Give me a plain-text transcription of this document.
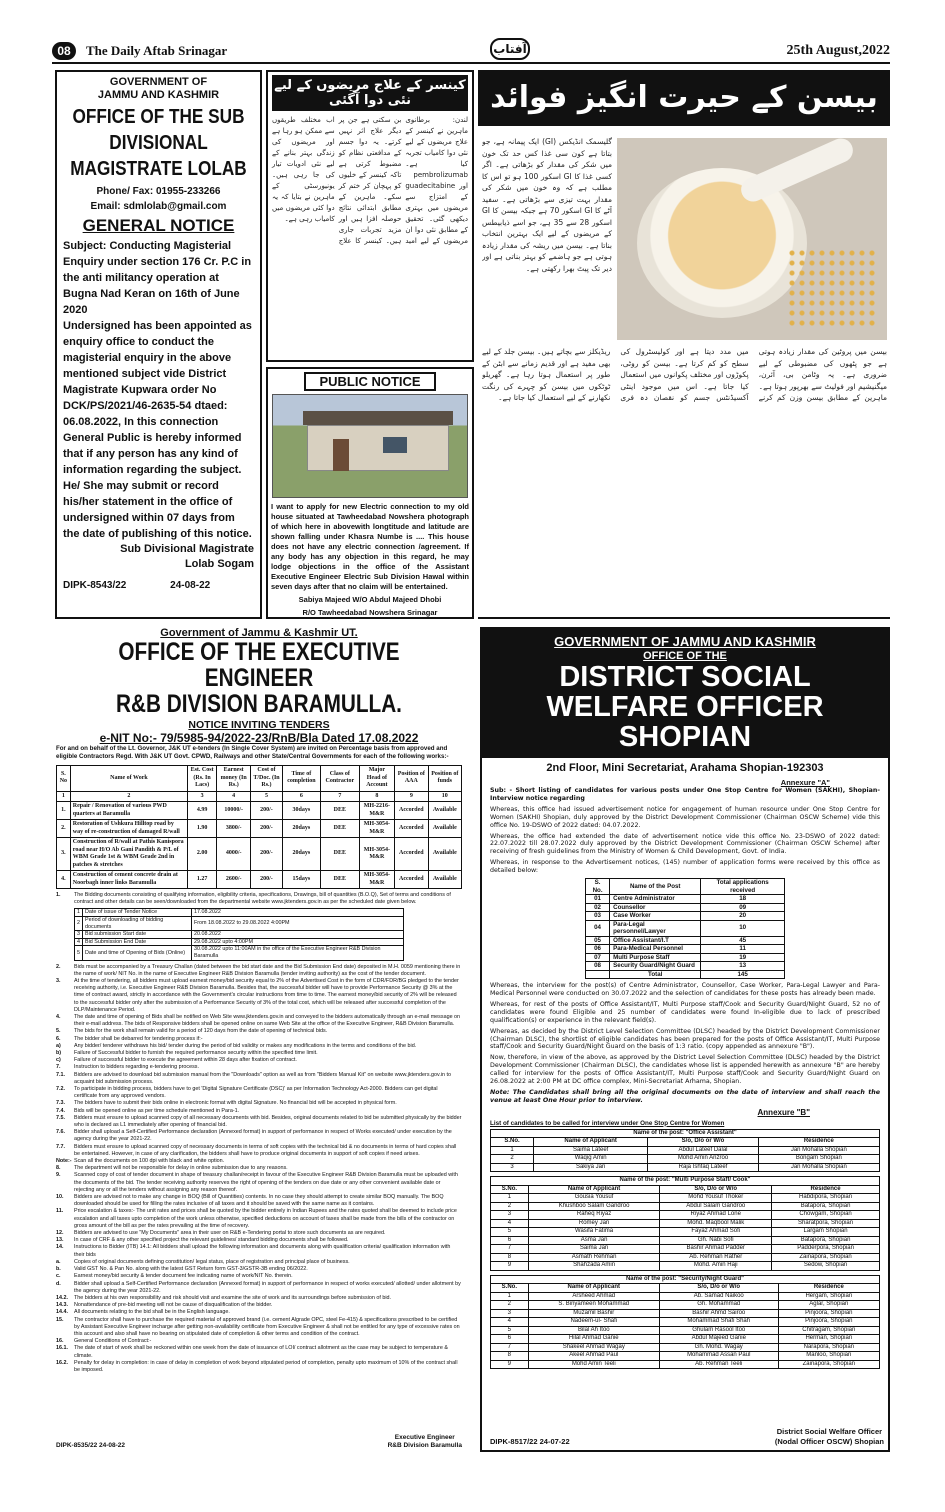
08	The Daily Aftab Srinagar	آفتاب	25th August,2022
GOVERNMENT OF
JAMMU AND KASHMIR
OFFICE OF THE SUB DIVISIONAL MAGISTRATE LOLAB
Phone/ Fax: 01955-233266
Email: sdmlolab@gmail.com
GENERAL NOTICE

Subject: Conducting Magisterial Enquiry under section 176 Cr. P.C in the anti militancy operation at Bugna Nad Keran on 16th of June 2020

Undersigned has been appointed as enquiry office to conduct the magisterial enquiry in the above mentioned subject vide District Magistrate Kupwara order No DCK/PS/2021/46-2635-54 dtaed: 06.08.2022, In this connection General Public is hereby informed that if any person has any kind of information regarding the subject. He/ She may submit or record his/her statement in the office of undersigned within 07 days from the date of publishing of this notice.

Sub Divisional Magistrate
Lolab Sogam
DIPK-8543/22	24-08-22
کینسر کے علاج مریضوں کے لیے نئی دوا آگئی
لندن: برطانوی ماہرین نے کینسر کے علاج مریضوں کے لیے نئی دوا کامیاب تجربہ کیا ہے۔ pembrolizumab اور guadecitabine کے امتزاج سے مریضوں میں بہتری دیکھی گئی۔ تحقیق کے مطابق نئی دوا ان مریضوں کے لیے امید بن سکتی ہے جن پر دیگر علاج اثر نہیں کرتے۔ یہ دوا جسم کے مدافعتی نظام کو مضبوط کرتی ہے تاکہ کینسر کے خلیوں کو پہچان کر ختم کر سکے۔ ماہرین کے مطابق ابتدائی نتائج حوصلہ افزا ہیں اور مزید تجربات جاری ہیں۔ کینسر کا علاج اب مختلف طریقوں سے ممکن ہو رہا ہے اور مریضوں کی زندگی بہتر بنانے کے لیے نئی ادویات تیار کی جا رہی ہیں۔ یونیورسٹی کے ماہرین نے بتایا کہ یہ دوا کئی مریضوں میں کامیاب رہی ہے۔
PUBLIC NOTICE
I want to apply for new Electric connection to my old house situated at Tawheedabad Nowshera photograph of which here in abovewith longtitude and latitude are shown falling under Khasra Numbe is .... This house does not have any electric connection /agreement. If any body has any objection in this regard, he may lodge objections in the office of the Assistant Executive Engineer Electric Sub Division Hawal within seven days after that no claim will be entertained.
Sabiya Majeed W/O Abdul Majeed Dhobi
R/O Tawheedabad Nowshera Srinagar
بیسن کے حیرت انگیز فوائد
گلیسمک انڈیکس (GI) ایک پیمانہ ہے، جو بتاتا ہے کون سی غذا کس حد تک خون میں شکر کی مقدار کو بڑھاتی ہے۔ اگر کسی غذا کا GI اسکور 100 ہو تو اس کا مطلب ہے کہ وہ خون میں شکر کی مقدار بہت تیزی سے بڑھاتی ہے۔ سفید آٹے کا GI اسکور 70 ہے جبکہ بیسن کا GI اسکور 28 سے 35 ہے، جو اسے ذیابیطس کے مریضوں کے لیے ایک بہترین انتخاب بناتا ہے۔ بیسن میں ریشہ کی مقدار زیادہ ہوتی ہے جو ہاضمے کو بہتر بناتی ہے اور دیر تک پیٹ بھرا رکھتی ہے۔
بیسن میں پروٹین کی مقدار زیادہ ہوتی ہے جو پٹھوں کی مضبوطی کے لیے ضروری ہے۔ یہ وٹامن بی، آئرن، میگنیشیم اور فولیٹ سے بھرپور ہوتا ہے۔ ماہرین کے مطابق بیسن وزن کم کرنے میں مدد دیتا ہے اور کولیسٹرول کی سطح کو کم کرتا ہے۔ بیسن کو روٹی، پکوڑوں اور مختلف پکوانوں میں استعمال کیا جاتا ہے۔ اس میں موجود اینٹی آکسیڈنٹس جسم کو نقصان دہ فری ریڈیکلز سے بچاتے ہیں۔ بیسن جلد کے لیے بھی مفید ہے اور قدیم زمانے سے ابٹن کے طور پر استعمال ہوتا رہا ہے۔ گھریلو ٹوٹکوں میں بیسن کو چہرے کی رنگت نکھارنے کے لیے استعمال کیا جاتا ہے۔
Government of Jammu & Kashmir UT.
OFFICE OF THE EXECUTIVE ENGINEER
R&B DIVISION BARAMULLA.
NOTICE INVITING TENDERS
e-NIT No:- 79/5985-94/2022-23/RnB/Bla Dated 17.08.2022
For and on behalf of the Lt. Governor, J&K UT e-tenders (In Single Cover System) are invited on Percentage basis from approved and eligible Contractors Regd. With J&K UT Govt. CPWD, Railways and other State/Central Governments for each of the following works:-
S. No	Name of Work	Est. Cost (Rs. In Lacs)	Earnest money (In Rs.)	Cost of T/Doc. (In Rs.)	Time of completion	Class of Contractor	Major Head of Account	Position of AAA	Position of funds
1	2	3	4	5	6	7	8	9	10
1.	Repair / Renovation of various PWD quarters at Baramulla	4.99	10000/-	200/-	30days	DEE	MH-2216-M&R	Accorded	Available
2.	Restoration of Ushkura Hilltop road by way of re-construction of damaged R/wall	1.90	3800/-	200/-	20days	DEE	MH-3054-M&R	Accorded	Available
3.	Construction of R/wall at Pathis Kanispora road near H/O Ab Gani Pandith & P/L of WBM Grade 1st & WBM Grade 2nd in patches & stretches	2.00	4000/-	200/-	20days	DEE	MH-3054-M&R	Accorded	Available
4.	Construction of cement concrete drain at Noorbagh inner links Baramulla	1.27	2600/-	200/-	15days	DEE	MH-3054-M&R	Accorded	Available
1.	The Bidding documents consisting of qualifying information, eligibility criteria, specifications, Drawings, bill of quantities (B.O.Q), Set of terms and conditions of contract and other details can be seen/downloaded from the departmental website www.jktenders.gov.in as per the scheduled date given below.
1	Date of issue of Tender Notice	17.08.2022
2	Period of downloading of bidding documents	From 18.08.2022 to 29.08.2022 4:00PM
3	Bid submission Start date	20.08.2022
4	Bid Submission End Date	29.08.2022 upto 4:00PM
5	Date and time of Opening of Bids (Online)	30.08.2022 upto 11:00AM in the office of the Executive Engineer R&B Division Baramulla
2.	Bids must be accompanied by a Treasury Challan (dated between the bid start date and the Bid Submission End date) deposited in M.H. 0059 mentioning there in the name of work/ NIT No. in the name of Executive Engineer R&B Division Baramulla (tender inviting authority) as the cost of the tender document.
3.	At the time of tendering, all bidders must upload earnest money/bid security equal to 2% of the Advertised Cost in the form of CDR/FDR/BG pledged to the tender receiving authority, i.e. Executive Engineer R&B Division Baramulla. Besides that, the successful bidder will have to provide Performance Security @ 3% at the time of contract award, strictly in accordance with the Government's circular instructions from time to time. The earnest money/bid security of 2% will be released to the successful bidder only after the submission of a Performance Security of 3% of the total cost, which will be released after successful completion of the DLP/Maintenance Period.
4.	The date and time of opening of Bids shall be notified on Web Site www.jktenders.gov.in and conveyed to the bidders automatically through an e-mail message on their e-mail address. The bids of Responsive bidders shall be opened online on same Web Site at the office of the Executive Engineer, R&B Division Baramulla.
5.	The bids for the work shall remain valid for a period of 120 days from the date of opening of technical bids.
6.	The bidder shall be debarred for tendering process if:-
a)	Any bidder/ tenderer withdraws his bid/ tender during the period of bid validity or makes any modifications in the terms and conditions of the bid.
b)	Failure of Successful bidder to furnish the required performance security within the specified time limit.
c)	Failure of successful bidder to execute the agreement within 28 days after fixation of contract.
7.	Instruction to bidders regarding e-tendering process.
7.1.	Bidders are advised to download bid submission manual from the "Downloads" option as well as from "Bidders Manual Kit" on website www.jktenders.gov.in to acquaint bid submission process.
7.2.	To participate in bidding process, bidders have to get 'Digital Signature Certificate (DSC)' as per Information Technology Act-2000. Bidders can get digital certificate from any approved vendors.
7.3.	The bidders have to submit their bids online in electronic format with digital Signature. No financial bid will be accepted in physical form.
7.4.	Bids will be opened online as per time schedule mentioned in Para-1.
7.5.	Bidders must ensure to upload scanned copy of all necessary documents with bid. Besides, original documents related to bid be submitted physically by the bidder who is declared as L1 immediately after opening of financial bid.
7.6.	Bidder shall upload a Self-Certified Performance declaration (Annexed format) in support of performance in respect of Works executed/ under execution by the agency during the year 2021-22.
7.7.	Bidders must ensure to upload scanned copy of necessary documents in terms of soft copies with the technical bid & no documents in terms of hard copies shall be entertained. However, in case of any clarification, the bidders shall have to produce original documents in support of soft copies if need arises.
Note:- Scan all the documents on 100 dpi with black and white option.
8.	The department will not be responsible for delay in online submission due to any reasons.
9.	Scanned copy of cost of tender document in shape of treasury challan/receipt in favour of the Executive Engineer R&B Division Baramulla must be uploaded with the documents of the bid. The tender receiving authority reserves the right of opening of the tenders on due date or any other convenient available date or rejecting any or all the tenders without assigning any reason thereof.
10.	Bidders are advised not to make any change in BOQ (Bill of Quantities) contents. In no case they should attempt to create similar BOQ manually. The BOQ downloaded should be used for filling the rates inclusive of all taxes and it should be saved with the same name as it contains.
11.	Price escalation & taxes:- The unit rates and prices shall be quoted by the bidder entirely in Indian Rupees and the rates quoted shall be deemed to include price escalation and all taxes upto completion of the work unless otherwise, specified deductions on account of taxes shall be made from the bills of the contractor on gross amount of the bill as per the rates prevailing at the time of recovery.
12.	Bidders are advised to use "My Documents" area in their user on R&B e-Tendering portal to store such documents as are required.
13.	In case of CRF & any other specified project the relevant guidelines/ standard bidding documents shall be followed.
14.	Instructions to Bidder (ITB) 14.1: All bidders shall upload the following information and documents along with qualification criteria/ qualification information with their bids
a.	Copies of original documents defining constitution/ legal status, place of registration and principal place of business.
b.	Valid GST No. & Pan No. along with the latest GST Return form GST-3/GSTR-3B ending 06/2022.
c.	Earnest money/bid security & tender document fee indicating name of work/NIT No. therein.
d.	Bidder shall upload a Self-Certified Performance declaration (Annexed format) in support of performance in respect of works executed/ allotted/ under allotment by the agency during the year 2021-22.
14.2.	The bidders at his own responsibility and risk should visit and examine the site of work and its surroundings before submission of bid.
14.3.	Nonattendance of pre-bid meeting will not be cause of disqualification of the bidder.
14.4.	All documents relating to the bid shall be in the English language.
15.	The contractor shall have to purchase the required material of approved brand (i.e. cement Algrade OPC, steel Fe-415) & specifications prescribed to be certified by Assistant Executive Engineer incharge after getting non-availability certificate from Executive Engineer & shall not be entitled for any type of excessive rates on this account and also shall have no bearing on stipulated date of completion & other terms and condition of the contract.
16.	General Conditions of Contract:-
16.1.	The date of start of work shall be reckoned within one week from the date of issuance of LOI/ contract allotment as the case may be subject to temperature & climate.
16.2.	Penalty for delay in completion: in case of delay in completion of work beyond stipulated period of completion, penalty upto maximum of 10% of the contract shall be imposed.
DIPK-8535/22 24-08-22
Executive Engineer
R&B Division Baramulla
GOVERNMENT OF JAMMU AND KASHMIR
OFFICE OF THE
DISTRICT SOCIAL
WELFARE OFFICER SHOPIAN
2nd Floor, Mini Secretariat, Arahama Shopian-192303
Annexure "A"

Sub: - Short listing of candidates for various posts under One Stop Centre for Women (SAKHI), Shopian- Interview notice regarding

Whereas, this office had issued advertisement notice for engagement of human resource under One Stop Centre for Women (SAKHI) Shopian, duly approved by the District Development Commissioner (Chairman OSCW Scheme) vide this office No. 19-DSWO of 2022 dated: 04.07.2022.

Whereas, the office had extended the date of advertisement notice vide this office No. 23-DSWO of 2022 dated: 22.07.2022 till 28.07.2022 duly approved by the District Development Commissioner (Chairman OSCW Scheme) after receiving of fresh guidelines from the Ministry of Women & Child Development, Govt. of India.

Whereas, in response to the Advertisement notices, (145) number of application forms were received by this office as detailed below:

S. No.	Name of the Post	Total applications received
01	Centre Administrator	18
02	Counsellor	09
03	Case Worker	20
04	Para-Legal personnel/Lawyer	10
05	Office Assistant/I.T	45
06	Para-Medical Personnel	11
07	Multi Purpose Staff	19
08	Security Guard/Night Guard	13
	Total	145

Whereas, the interview for the post(s) of Centre Administrator, Counsellor, Case Worker, Para-Legal Lawyer and Para-Medical Personnel were conducted on 30.07.2022 and the selection of candidates for these posts has already been made.

Whereas, for rest of the posts of Office Assistant/IT, Multi Purpose staff/Cook and Security Guard/Night Guard, 52 no of candidates were found Eligible and 25 number of candidates were found In-eligible due to lack of prescribed qualification(s) or experience in the relevant field(s).

Whereas, as decided by the District Level Selection Committee (DLSC) headed by the District Development Commissioner (Chairman DLSC), the shortlist of eligible candidates has been prepared for the posts of Office Assistant/IT, Multi Purpose staff/Cook and Security Guard/Night Guard on the basis of 1:3 ratio. (copy appended as annexure "B").

Now, therefore, in view of the above, as approved by the District Level Selection Committee (DLSC) headed by the District Development Commissioner (Chairman DLSC), the candidates whose list is appended herewith as annexure "B" are hereby called for interview for the posts of Office Assistant/IT, Multi Purpose staff/Cook and Security Guard/Night Guard on 26.08.2022 at 2:00 PM at DC office complex, Mini-Secretariat Arhama, Shopian.

Note: The Candidates shall bring all the original documents on the date of interview and shall reach the venue at least One Hour prior to interview.

Annexure "B"
List of candidates to be called for interview under One Stop Centre for Women
Name of the post: "Office Assistant"			
S.No.	Name of Applicant	S/o, D/o or W/o	Residence
1	Saima Lateef	Abdul Lateef Dalal	Jan Mohalla Shopian
2	Waqig Amin	Mohd Amin Anzroo	Bongam Shopian
3	Sakiya Jan	Raja Ishfaq Lateef	Jan Mohalla Shopian
Name of the post: "Multi Purpose Staff/ Cook"			
S.No.	Name of Applicant	S/o, D/o or W/o	Residence
1	Gousia Yousuf	Mohd Yousuf Thoker	Habdipora, Shopian
2	Khushboo Salam Gandroo	Abdul Salam Gandroo	Batapora, Shopian
3	Raheq Riyaz	Riyaz Ahmad Lone	Chowgam, Shopian
4	Romey Jan	Mohd. Maqbool Malik	Sharatpora, Shopian
5	Wasifa Fatima	Fayaz Ahmad Sofi	Largam Shopian
6	Asma Jan	Gh. Nabi Sofi	Batapora, Shopian
7	Saima Jan	Bashir Ahmad Padder	Padderpora, Shopian
8	Asmath Rehman	Ab. Rehman Rather	Zainapora, Shopian
9	Shahzada Amin	Mohd. Amin Haji	Sedow, Shopian
Name of the post: "Security/Night Guard"			
S.No.	Name of Applicant	S/o, D/o or W/o	Residence
1	Arsheed Ahmad	Ab. Samad Naikoo	Hergam, Shopian
2	S. Binyameen Mohammad	Gh. Mohammad	Aglar, Shopian
3	Muzamil Bashir	Bashir Ahmd Sairoo	Pinjoora, Shopian
4	Nadeem-ul- Shafi	Mohammad Shafi Shah	Pinjoora, Shopian
5	Bilal Ah Itoo	Ghulam Rasool Itoo	Chitragam, Shopian
6	Hilal Ahmad Ganie	Abdul Majeed Ganie	Herman, Shopian
7	Shakeel Ahmad Wagay	Gh. Mohd. Wagay	Narapora, Shopian
8	Akeel Ahmad Paul	Mohammad Assan Paul	Manloo, Shopian
9	Mohd Amin Teeli	Ab. Rehman Teeli	Zainapora, Shopian
DIPK-8517/22 24-07-22
District Social Welfare Officer
(Nodal Officer OSCW) Shopian
